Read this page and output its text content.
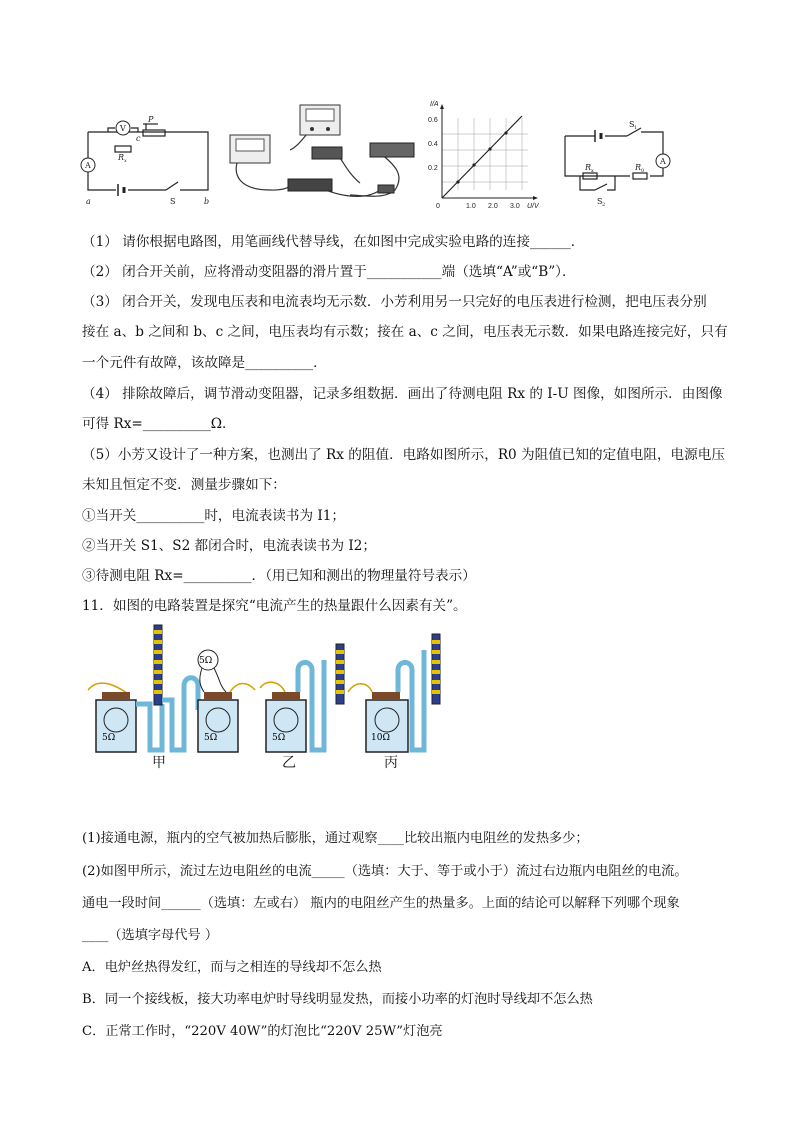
V
A
R x
c
P
S
a	b
I/A
0.2
0.4
0.6
0	1.0 2.0 3.0 U/V
S 1
S 2
A
R x	R 0
（1） 请你根据电路图，用笔画线代替导线，在如图中完成实验电路的连接______．
（2） 闭合开关前，应将滑动变阻器的滑片置于___________端（选填“A”或“B”）．
（3） 闭合开关，发现电压表和电流表均无示数．小芳利用另一只完好的电压表进行检测，把电压表分别
接在 a、b 之间和 b、c 之间，电压表均有示数；接在 a、c 之间，电压表无示数．如果电路连接完好，只有
一个元件有故障，该故障是__________．
（4） 排除故障后，调节滑动变阻器，记录多组数据．画出了待测电阻 Rx 的 I-U 图像，如图所示．由图像
可得 Rx=__________Ω．
（5）小芳又设计了一种方案，也测出了 Rx 的阻值．电路如图所示，R0 为阻值已知的定值电阻，电源电压
未知且恒定不变．测量步骤如下：
①当开关__________时，电流表读书为 I1；
②当开关 S1、S2 都闭合时，电流表读书为 I2；
③待测电阻 Rx=__________．（用已知和测出的物理量符号表示）
11．如图的电路装置是探究“电流产生的热量跟什么因素有关”。
5Ω	5Ω
5Ω
5Ω	10Ω
甲	乙	丙
(1)接通电源，瓶内的空气被加热后膨胀，通过观察____比较出瓶内电阻丝的发热多少；
(2)如图甲所示，流过左边电阻丝的电流_____（选填：大于、等于或小于）流过右边瓶内电阻丝的电流。
通电一段时间______（选填：左或右） 瓶内的电阻丝产生的热量多。上面的结论可以解释下列哪个现象
____（选填字母代号 ）
A．电炉丝热得发红，而与之相连的导线却不怎么热
B．同一个接线板，接大功率电炉时导线明显发热，而接小功率的灯泡时导线却不怎么热
C．正常工作时，“220V 40W”的灯泡比“220V 25W”灯泡亮
